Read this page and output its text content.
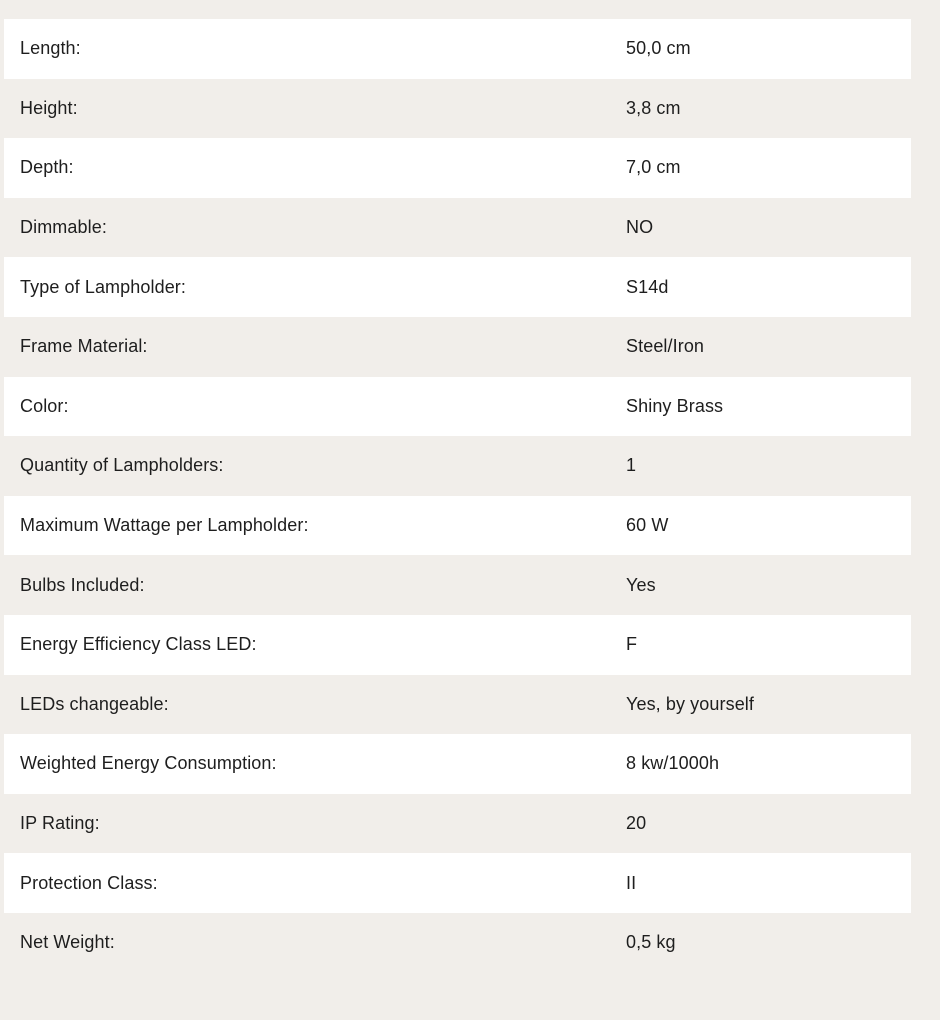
Length:	50,0 cm
Height:	3,8 cm
Depth:	7,0 cm
Dimmable:	NO
Type of Lampholder:	S14d
Frame Material:	Steel/Iron
Color:	Shiny Brass
Quantity of Lampholders:	1
Maximum Wattage per Lampholder:	60 W
Bulbs Included:	Yes
Energy Efficiency Class LED:	F
LEDs changeable:	Yes, by yourself
Weighted Energy Consumption:	8 kw/1000h
IP Rating:	20
Protection Class:	II
Net Weight:	0,5 kg
